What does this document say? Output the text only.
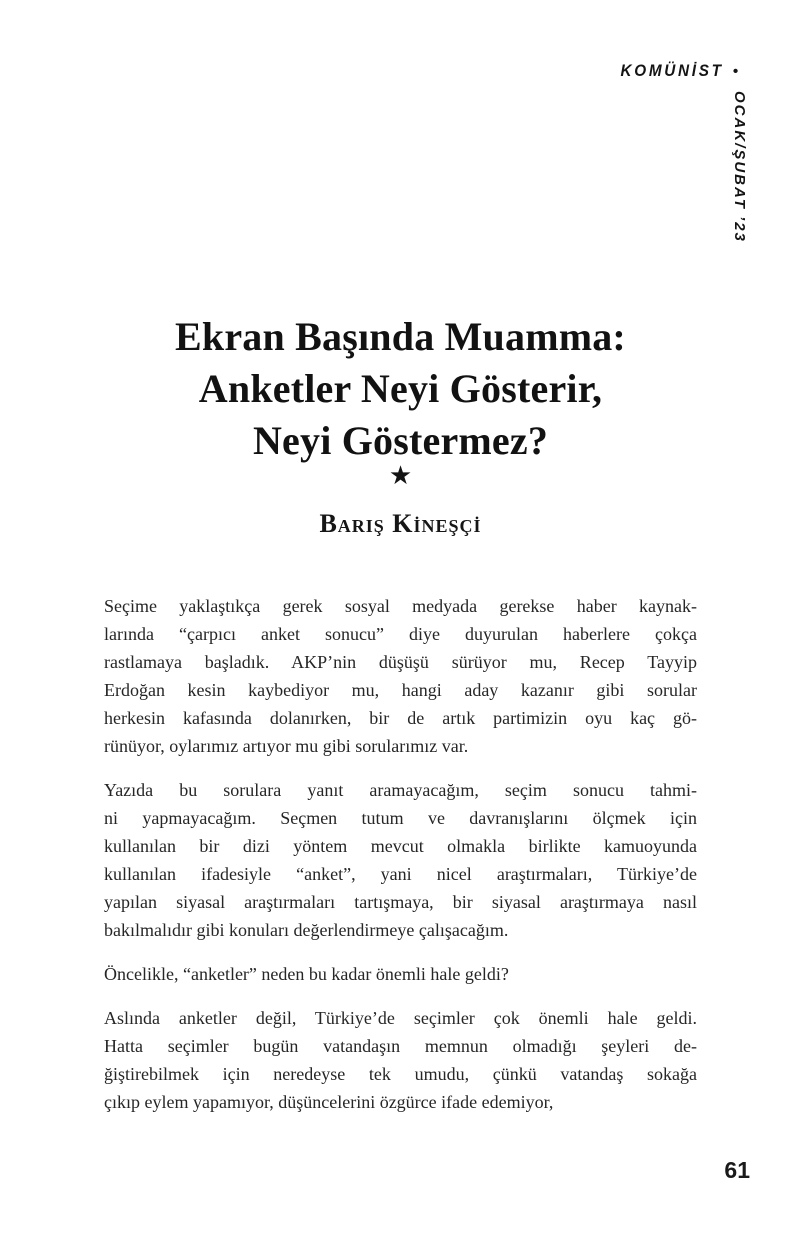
KOMÜNİST •
OCAK/ŞUBAT ’23
Ekran Başında Muamma:
Anketler Neyi Gösterir,
Neyi Göstermez?
★
Barış Kineşçi
Seçime yaklaştıkça gerek sosyal medyada gerekse haber kaynak-
larında “çarpıcı anket sonucu” diye duyurulan haberlere çokça
rastlamaya başladık. AKP’nin düşüşü sürüyor mu, Recep Tayyip
Erdoğan kesin kaybediyor mu, hangi aday kazanır gibi sorular
herkesin kafasında dolanırken, bir de artık partimizin oyu kaç gö-
rünüyor, oylarımız artıyor mu gibi sorularımız var.
Yazıda bu sorulara yanıt aramayacağım, seçim sonucu tahmi-
ni yapmayacağım. Seçmen tutum ve davranışlarını ölçmek için
kullanılan bir dizi yöntem mevcut olmakla birlikte kamuoyunda
kullanılan ifadesiyle “anket”, yani nicel araştırmaları, Türkiye’de
yapılan siyasal araştırmaları tartışmaya, bir siyasal araştırmaya nasıl
bakılmalıdır gibi konuları değerlendirmeye çalışacağım.
Öncelikle, “anketler” neden bu kadar önemli hale geldi?
Aslında anketler değil, Türkiye’de seçimler çok önemli hale geldi.
Hatta seçimler bugün vatandaşın memnun olmadığı şeyleri de-
ğiştirebilmek için neredeyse tek umudu, çünkü vatandaş sokağa
çıkıp eylem yapamıyor, düşüncelerini özgürce ifade edemiyor,
61
